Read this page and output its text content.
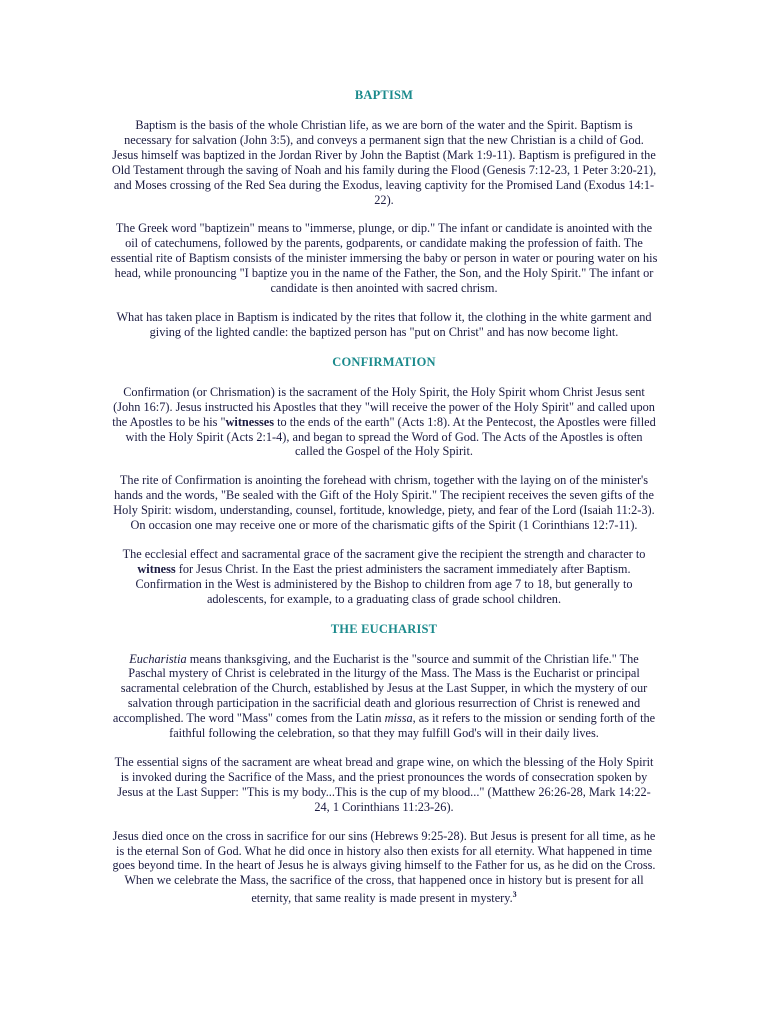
BAPTISM

Baptism is the basis of the whole Christian life, as we are born of the water and the Spirit. Baptism is necessary for salvation (John 3:5), and conveys a permanent sign that the new Christian is a child of God. Jesus himself was baptized in the Jordan River by John the Baptist (Mark 1:9-11). Baptism is prefigured in the Old Testament through the saving of Noah and his family during the Flood (Genesis 7:12-23, 1 Peter 3:20-21), and Moses crossing of the Red Sea during the Exodus, leaving captivity for the Promised Land (Exodus 14:1-22).

The Greek word "baptizein" means to "immerse, plunge, or dip." The infant or candidate is anointed with the oil of catechumens, followed by the parents, godparents, or candidate making the profession of faith. The essential rite of Baptism consists of the minister immersing the baby or person in water or pouring water on his head, while pronouncing "I baptize you in the name of the Father, the Son, and the Holy Spirit." The infant or candidate is then anointed with sacred chrism.

What has taken place in Baptism is indicated by the rites that follow it, the clothing in the white garment and giving of the lighted candle: the baptized person has "put on Christ" and has now become light.

CONFIRMATION

Confirmation (or Chrismation) is the sacrament of the Holy Spirit, the Holy Spirit whom Christ Jesus sent (John 16:7). Jesus instructed his Apostles that they "will receive the power of the Holy Spirit" and called upon the Apostles to be his "witnesses to the ends of the earth" (Acts 1:8). At the Pentecost, the Apostles were filled with the Holy Spirit (Acts 2:1-4), and began to spread the Word of God. The Acts of the Apostles is often called the Gospel of the Holy Spirit.

The rite of Confirmation is anointing the forehead with chrism, together with the laying on of the minister's hands and the words, "Be sealed with the Gift of the Holy Spirit." The recipient receives the seven gifts of the Holy Spirit: wisdom, understanding, counsel, fortitude, knowledge, piety, and fear of the Lord (Isaiah 11:2-3). On occasion one may receive one or more of the charismatic gifts of the Spirit (1 Corinthians 12:7-11).

The ecclesial effect and sacramental grace of the sacrament give the recipient the strength and character to witness for Jesus Christ. In the East the priest administers the sacrament immediately after Baptism. Confirmation in the West is administered by the Bishop to children from age 7 to 18, but generally to adolescents, for example, to a graduating class of grade school children.

THE EUCHARIST

Eucharistia means thanksgiving, and the Eucharist is the "source and summit of the Christian life." The Paschal mystery of Christ is celebrated in the liturgy of the Mass. The Mass is the Eucharist or principal sacramental celebration of the Church, established by Jesus at the Last Supper, in which the mystery of our salvation through participation in the sacrificial death and glorious resurrection of Christ is renewed and accomplished. The word "Mass" comes from the Latin missa, as it refers to the mission or sending forth of the faithful following the celebration, so that they may fulfill God's will in their daily lives.

The essential signs of the sacrament are wheat bread and grape wine, on which the blessing of the Holy Spirit is invoked during the Sacrifice of the Mass, and the priest pronounces the words of consecration spoken by Jesus at the Last Supper: "This is my body...This is the cup of my blood..." (Matthew 26:26-28, Mark 14:22-24, 1 Corinthians 11:23-26).

Jesus died once on the cross in sacrifice for our sins (Hebrews 9:25-28). But Jesus is present for all time, as he is the eternal Son of God. What he did once in history also then exists for all eternity. What happened in time goes beyond time. In the heart of Jesus he is always giving himself to the Father for us, as he did on the Cross. When we celebrate the Mass, the sacrifice of the cross, that happened once in history but is present for all eternity, that same reality is made present in mystery.$^3$
